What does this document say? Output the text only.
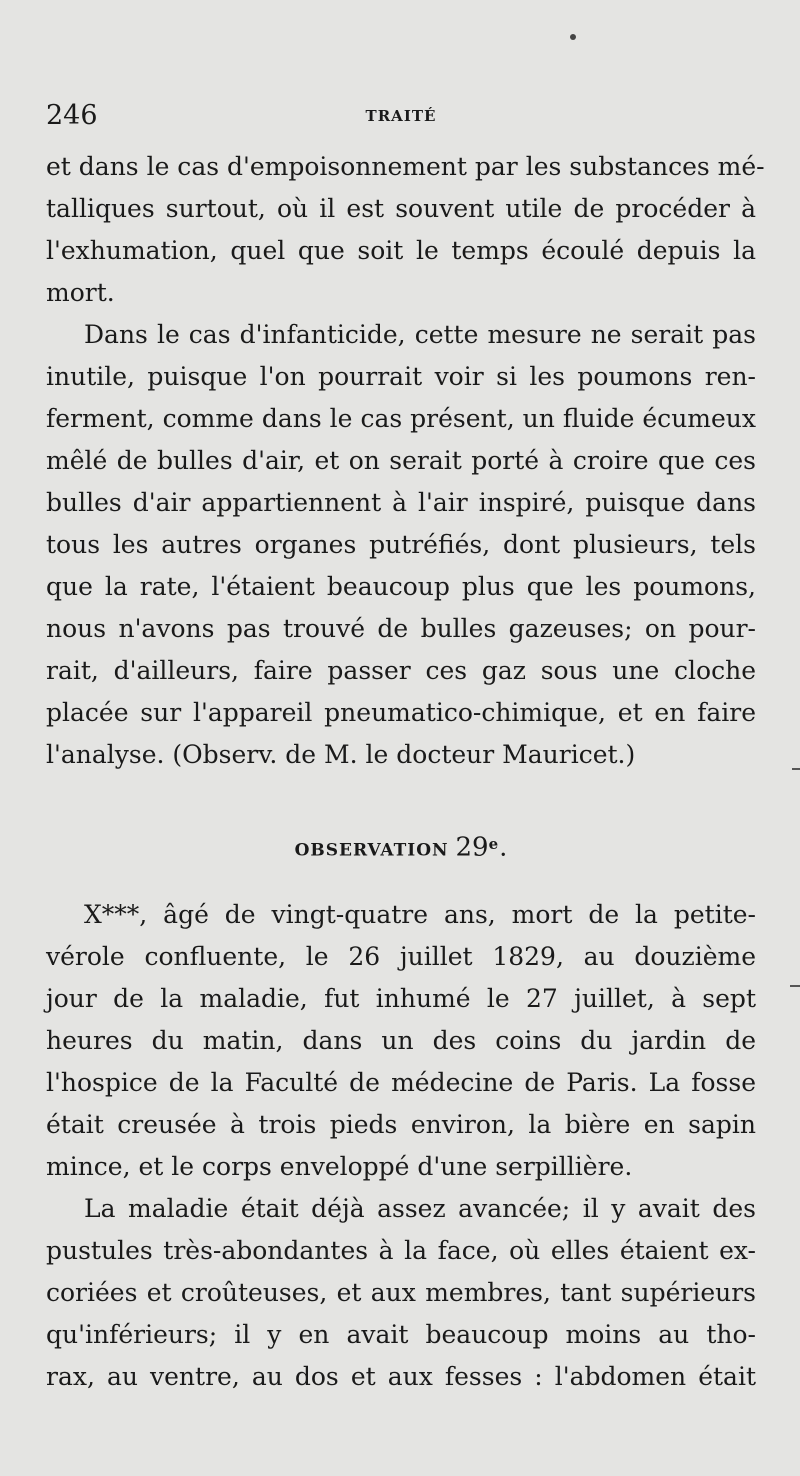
246	TRAITÉ
et dans le cas d'empoisonnement par les substances mé-
talliques surtout, où il est souvent utile de procéder à
l'exhumation, quel que soit le temps écoulé depuis la
mort.
Dans le cas d'infanticide, cette mesure ne serait pas
inutile, puisque l'on pourrait voir si les poumons ren-
ferment, comme dans le cas présent, un fluide écumeux
mêlé de bulles d'air, et on serait porté à croire que ces
bulles d'air appartiennent à l'air inspiré, puisque dans
tous les autres organes putréfiés, dont plusieurs, tels
que la rate, l'étaient beaucoup plus que les poumons,
nous n'avons pas trouvé de bulles gazeuses; on pour-
rait, d'ailleurs, faire passer ces gaz sous une cloche
placée sur l'appareil pneumatico-chimique, et en faire
l'analyse. (Observ. de M. le docteur Mauricet.)
OBSERVATION 29e.
X***, âgé de vingt-quatre ans, mort de la petite-
vérole confluente, le 26 juillet 1829, au douzième
jour de la maladie, fut inhumé le 27 juillet, à sept
heures du matin, dans un des coins du jardin de
l'hospice de la Faculté de médecine de Paris. La fosse
était creusée à trois pieds environ, la bière en sapin
mince, et le corps enveloppé d'une serpillière.
La maladie était déjà assez avancée; il y avait des
pustules très-abondantes à la face, où elles étaient ex-
coriées et croûteuses, et aux membres, tant supérieurs
qu'inférieurs; il y en avait beaucoup moins au tho-
rax, au ventre, au dos et aux fesses : l'abdomen était
